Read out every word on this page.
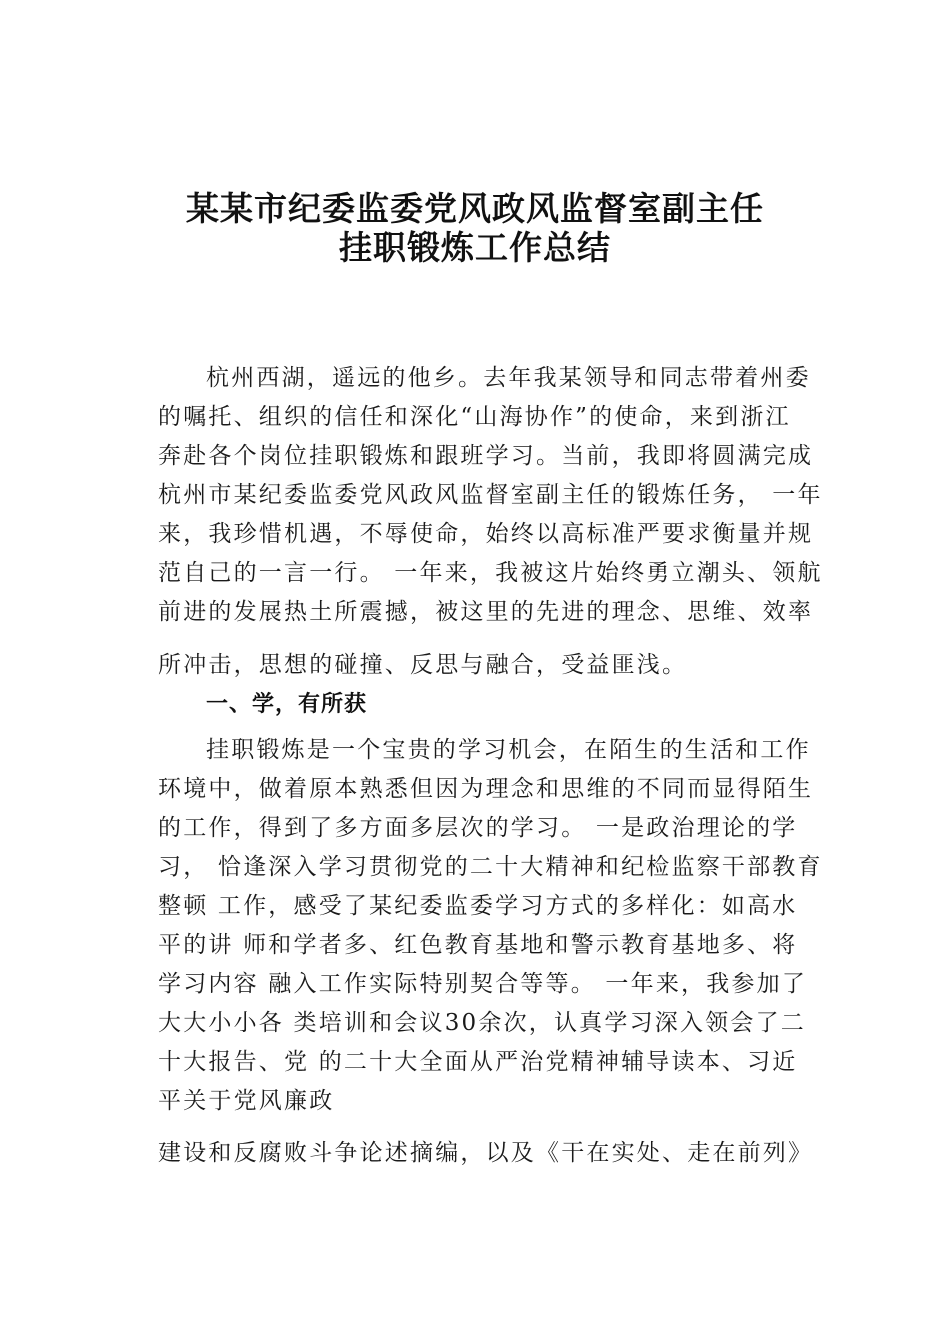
某某市纪委监委党风政风监督室副主任
挂职锻炼工作总结

杭州西湖，遥远的他乡。去年我某领导和同志带着州委

的嘱托、组织的信任和深化“山海协作”的使命，来到浙江

奔赴各个岗位挂职锻炼和跟班学习。当前，我即将圆满完成

杭州市某纪委监委党风政风监督室副主任的锻炼任务， 一年

来，我珍惜机遇，不辱使命，始终以高标准严要求衡量并规

范自己的一言一行。 一年来，我被这片始终勇立潮头、领航

前进的发展热土所震撼，被这里的先进的理念、思维、效率

所冲击，思想的碰撞、反思与融合，受益匪浅。

一、学，有所获

挂职锻炼是一个宝贵的学习机会，在陌生的生活和工作

环境中，做着原本熟悉但因为理念和思维的不同而显得陌生

的工作，得到了多方面多层次的学习。 一是政治理论的学

习， 恰逢深入学习贯彻党的二十大精神和纪检监察干部教育

整顿 工作，感受了某纪委监委学习方式的多样化：如高水

平的讲 师和学者多、红色教育基地和警示教育基地多、将

学习内容 融入工作实际特别契合等等。 一年来，我参加了

大大小小各 类培训和会议30余次，认真学习深入领会了二

十大报告、党 的二十大全面从严治党精神辅导读本、习近

平关于党风廉政

建设和反腐败斗争论述摘编，以及《干在实处、走在前列》
